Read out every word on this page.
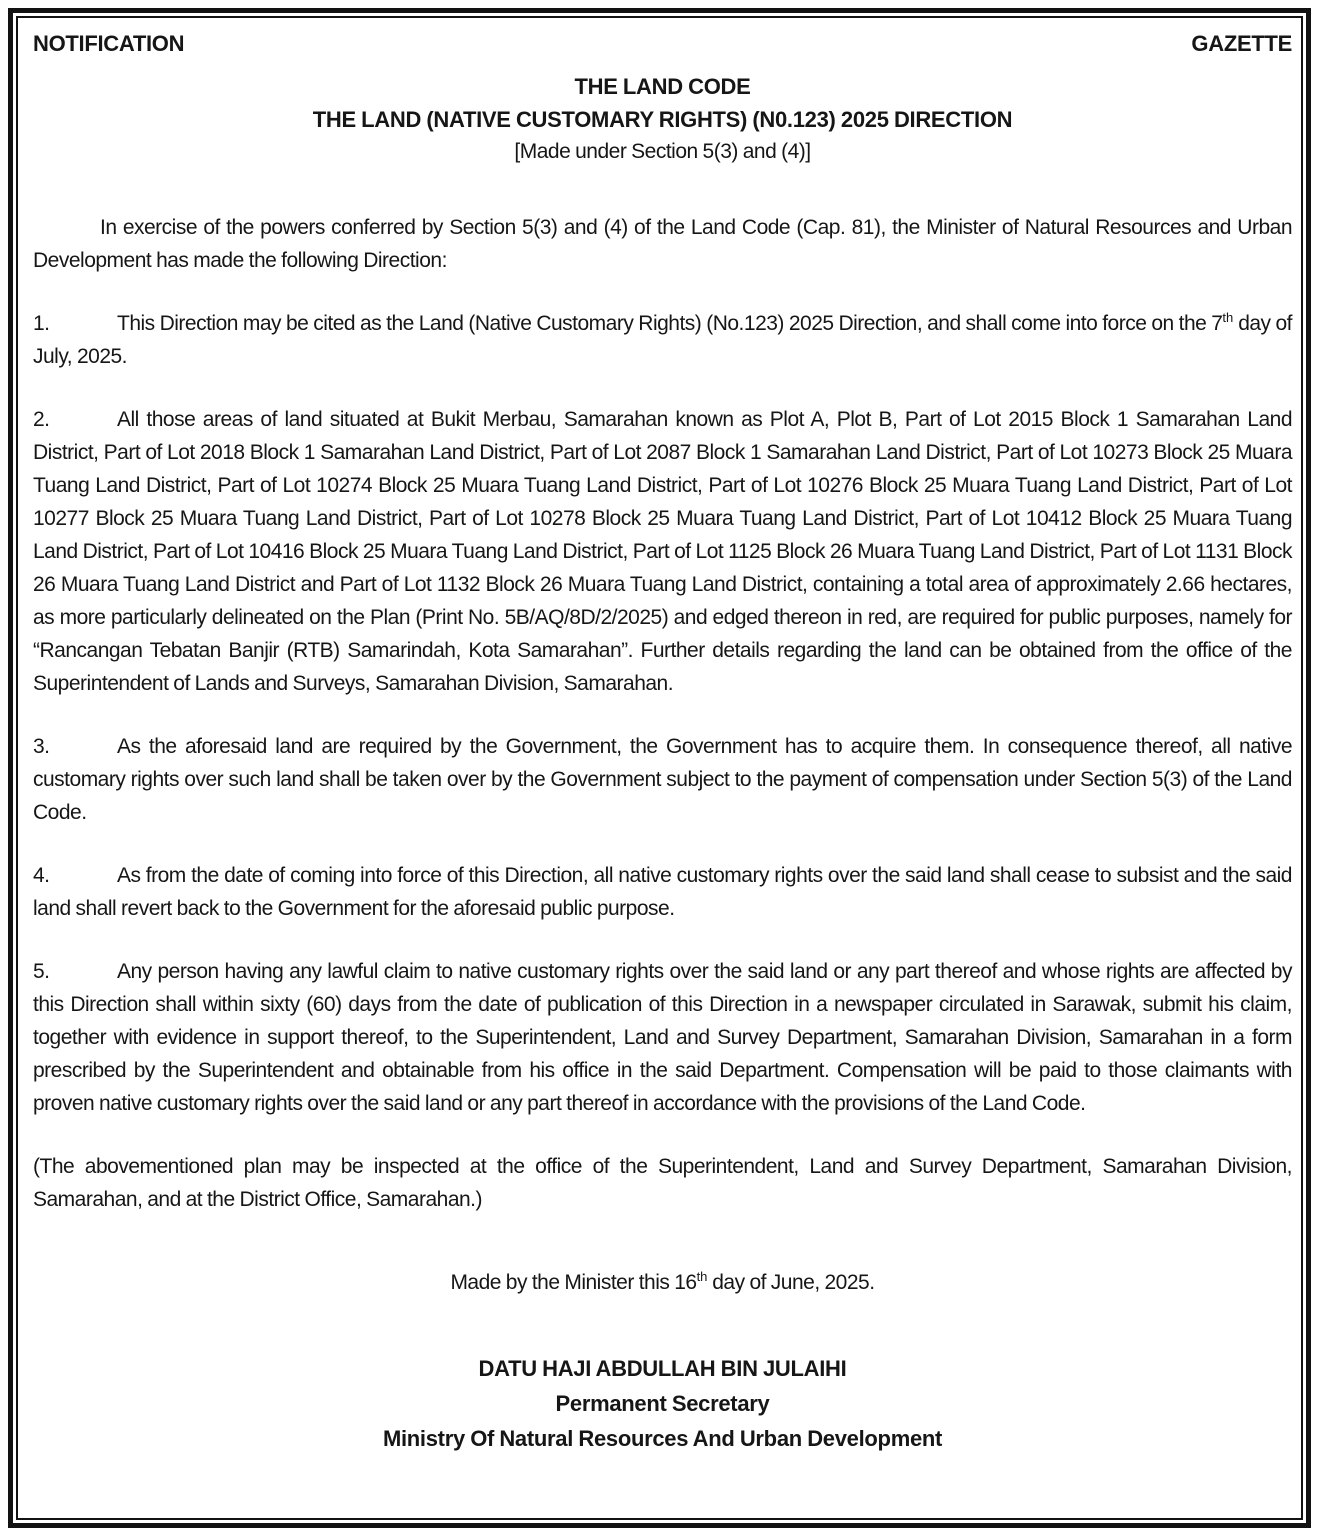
NOTIFICATION	GAZETTE
THE LAND CODE
THE LAND (NATIVE CUSTOMARY RIGHTS) (N0.123) 2025 DIRECTION
[Made under Section 5(3) and (4)]

In exercise of the powers conferred by Section 5(3) and (4) of the Land Code (Cap. 81), the Minister of Natural Resources and Urban Development has made the following Direction:

1.	This Direction may be cited as the Land (Native Customary Rights) (No.123) 2025 Direction, and shall come into force on the 7th day of July, 2025.

2.	All those areas of land situated at Bukit Merbau, Samarahan known as Plot A, Plot B, Part of Lot 2015 Block 1 Samarahan Land District, Part of Lot 2018 Block 1 Samarahan Land District, Part of Lot 2087 Block 1 Samarahan Land District, Part of Lot 10273 Block 25 Muara Tuang Land District, Part of Lot 10274 Block 25 Muara Tuang Land District, Part of Lot 10276 Block 25 Muara Tuang Land District, Part of Lot 10277 Block 25 Muara Tuang Land District, Part of Lot 10278 Block 25 Muara Tuang Land District, Part of Lot 10412 Block 25 Muara Tuang Land District, Part of Lot 10416 Block 25 Muara Tuang Land District, Part of Lot 1125 Block 26 Muara Tuang Land District, Part of Lot 1131 Block 26 Muara Tuang Land District and Part of Lot 1132 Block 26 Muara Tuang Land District, containing a total area of approximately 2.66 hectares, as more particularly delineated on the Plan (Print No. 5B/AQ/8D/2/2025) and edged thereon in red, are required for public purposes, namely for “Rancangan Tebatan Banjir (RTB) Samarindah, Kota Samarahan”. Further details regarding the land can be obtained from the office of the Superintendent of Lands and Surveys, Samarahan Division, Samarahan.

3.	As the aforesaid land are required by the Government, the Government has to acquire them. In consequence thereof, all native customary rights over such land shall be taken over by the Government subject to the payment of compensation under Section 5(3) of the Land Code.

4.	As from the date of coming into force of this Direction, all native customary rights over the said land shall cease to subsist and the said land shall revert back to the Government for the aforesaid public purpose.

5.	Any person having any lawful claim to native customary rights over the said land or any part thereof and whose rights are affected by this Direction shall within sixty (60) days from the date of publication of this Direction in a newspaper circulated in Sarawak, submit his claim, together with evidence in support thereof, to the Superintendent, Land and Survey Department, Samarahan Division, Samarahan in a form prescribed by the Superintendent and obtainable from his office in the said Department. Compensation will be paid to those claimants with proven native customary rights over the said land or any part thereof in accordance with the provisions of the Land Code.

(The abovementioned plan may be inspected at the office of the Superintendent, Land and Survey Department, Samarahan Division, Samarahan, and at the District Office, Samarahan.)

Made by the Minister this 16th day of June, 2025.

DATU HAJI ABDULLAH BIN JULAIHI
Permanent Secretary
Ministry Of Natural Resources And Urban Development
